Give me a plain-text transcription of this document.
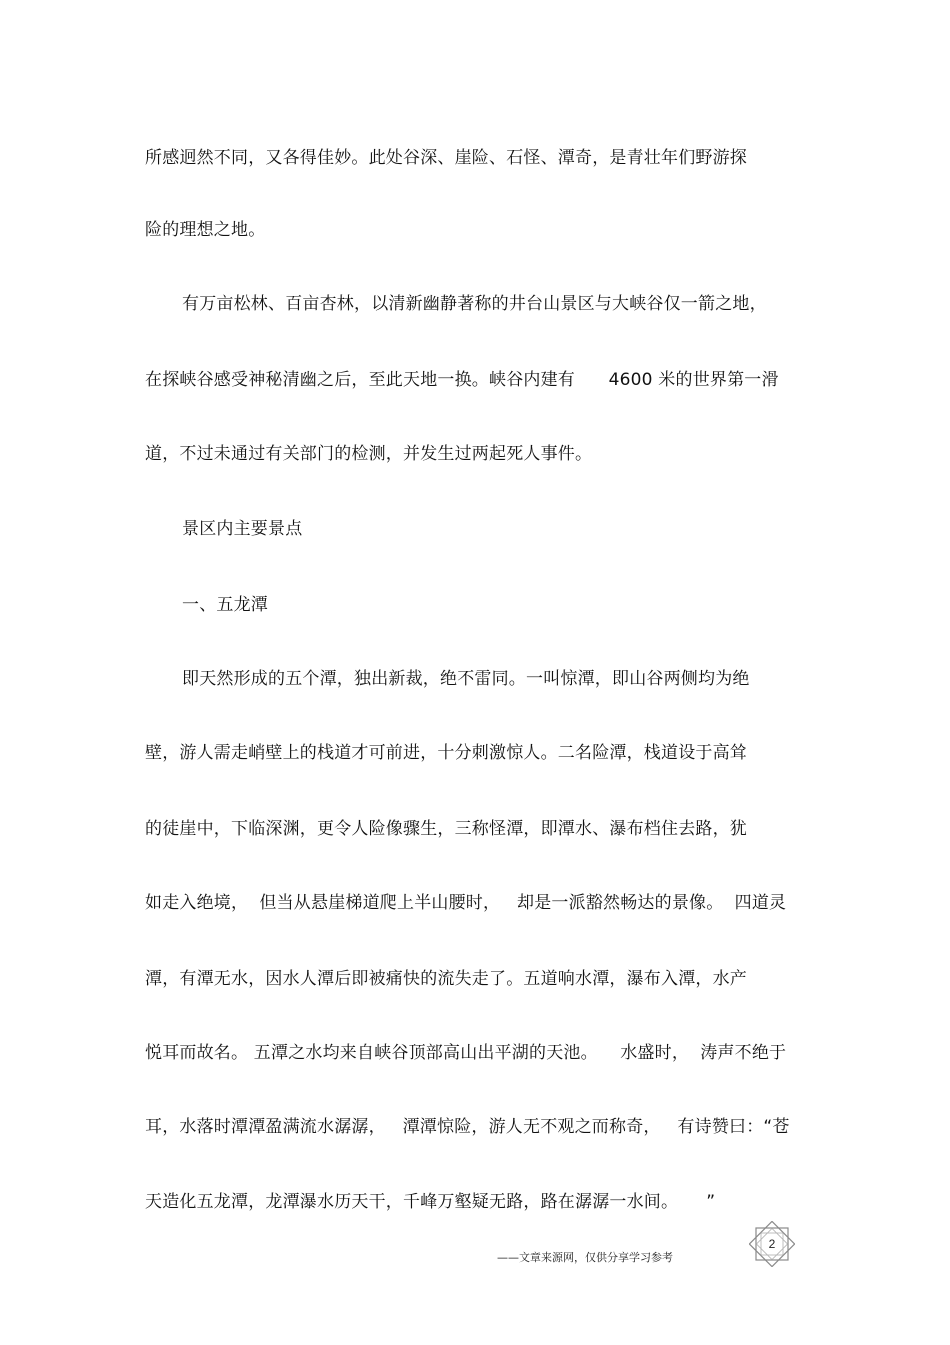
所感迥然不同，又各得佳妙。此处谷深、崖险、石怪、潭奇，是青壮年们野游探
险的理想之地。
有万亩松林、百亩杏林，以清新幽静著称的井台山景区与大峡谷仅一箭之地，
在探峡谷感受神秘清幽之后，至此天地一换。峡谷内建有      4600 米的世界第一滑
道，不过未通过有关部门的检测，并发生过两起死人事件。
景区内主要景点
一、五龙潭
即天然形成的五个潭，独出新裁，绝不雷同。一叫惊潭，即山谷两侧均为绝
壁，游人需走峭壁上的栈道才可前进，十分刺激惊人。二名险潭，栈道设于高耸
的徒崖中，下临深渊，更令人险像骤生，三称怪潭，即潭水、瀑布档住去路，犹
如走入绝境，  但当从悬崖梯道爬上半山腰时，   却是一派豁然畅达的景像。  四道灵
潭，有潭无水，因水人潭后即被痛快的流失走了。五道响水潭，瀑布入潭，水产
悦耳而故名。 五潭之水均来自峡谷顶部高山出平湖的天池。    水盛时，  涛声不绝于
耳，水落时潭潭盈满流水潺潺，   潭潭惊险，游人无不观之而称奇，   有诗赞曰：“苍
天造化五龙潭，龙潭瀑水历天干，千峰万壑疑无路，路在潺潺一水间。     ”
——文章来源网，仅供分享学习参考
2
